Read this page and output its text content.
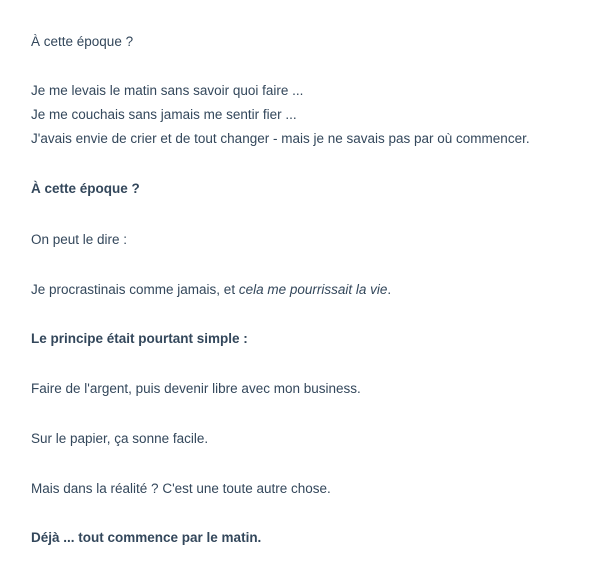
À cette époque ?

Je me levais le matin sans savoir quoi faire ...
Je me couchais sans jamais me sentir fier ...
J'avais envie de crier et de tout changer - mais je ne savais pas par où commencer.

À cette époque ?

On peut le dire :

Je procrastinais comme jamais, et cela me pourrissait la vie.

Le principe était pourtant simple :

Faire de l'argent, puis devenir libre avec mon business.

Sur le papier, ça sonne facile.

Mais dans la réalité ? C'est une toute autre chose.

Déjà ... tout commence par le matin.
